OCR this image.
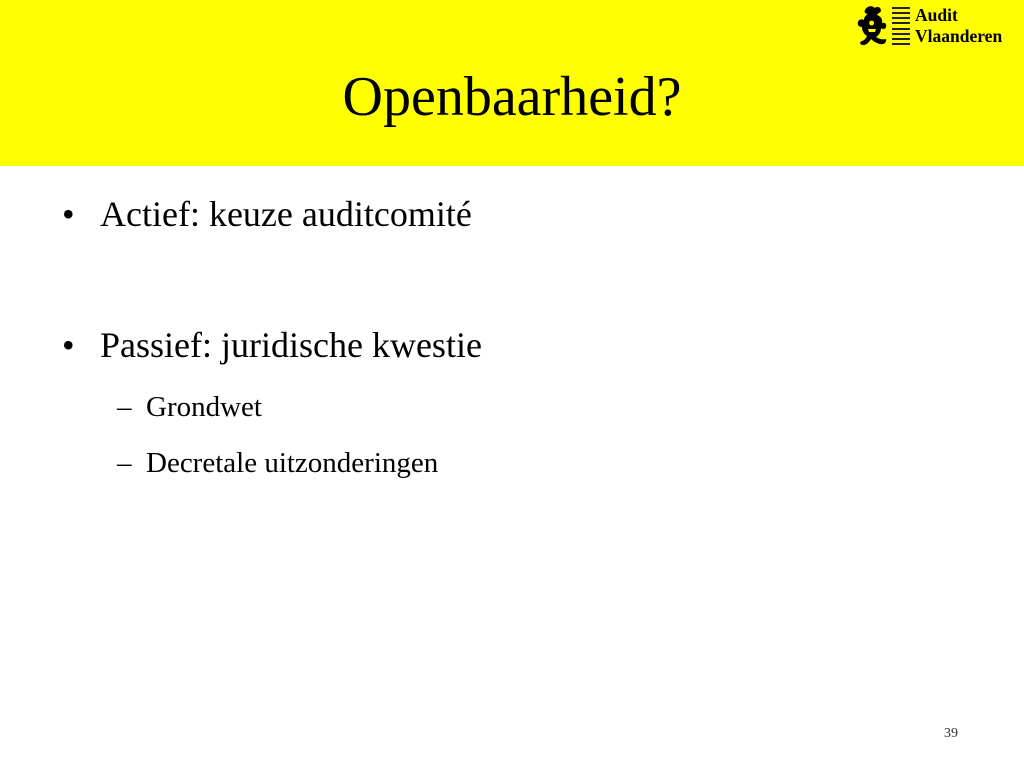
Openbaarheid?
Audit
Vlaanderen
• Actief: keuze auditcomité
• Passief: juridische kwestie
– Grondwet
– Decretale uitzonderingen
39
